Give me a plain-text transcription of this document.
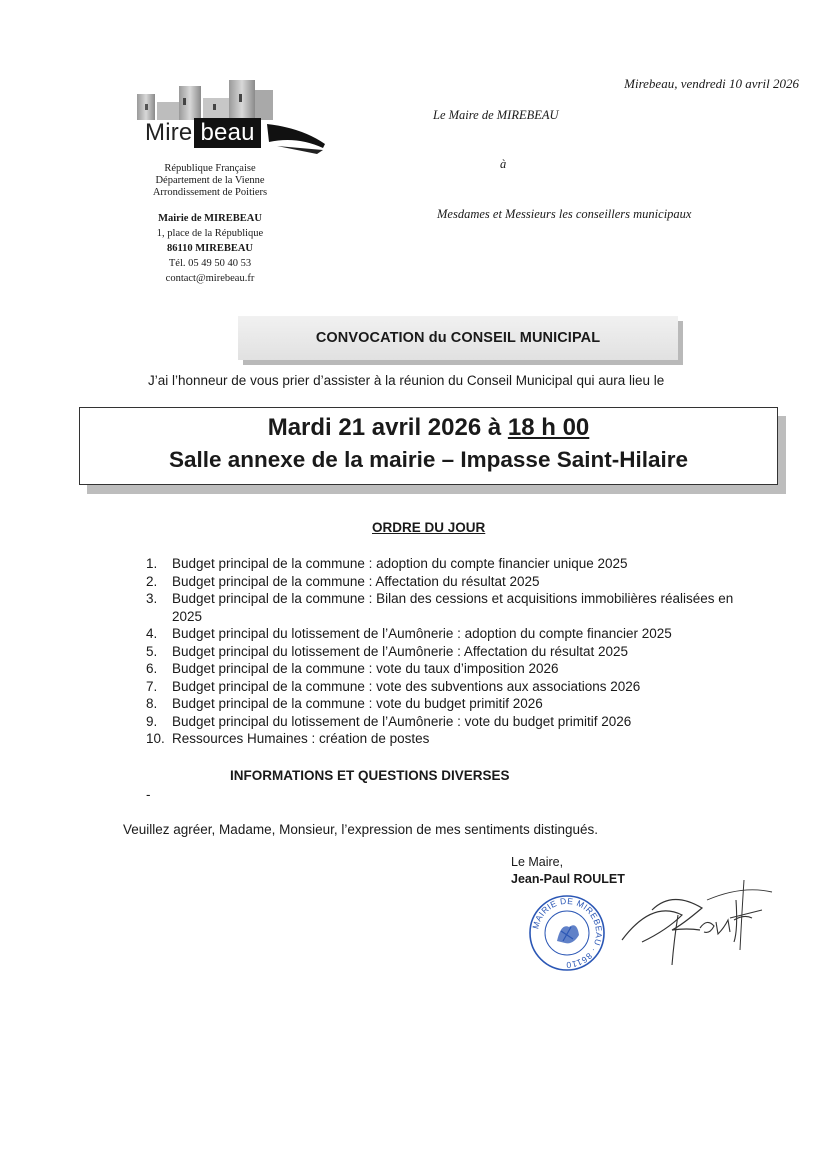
Mirebeau, vendredi 10 avril 2026
Le Maire de MIREBEAU
à
Mesdames et Messieurs les conseillers municipaux
Mire beau
République Française
Département de la Vienne
Arrondissement de Poitiers
Mairie de MIREBEAU
1, place de la République
86110 MIREBEAU
Tél. 05 49 50 40 53
contact@mirebeau.fr
CONVOCATION du CONSEIL MUNICIPAL
J’ai l’honneur de vous prier d’assister à la réunion du Conseil Municipal qui aura lieu le
Mardi 21 avril 2026 à 18 h 00
Salle annexe de la mairie – Impasse Saint-Hilaire
ORDRE DU JOUR
1.	Budget principal de la commune : adoption du compte financier unique 2025
2.	Budget principal de la commune : Affectation du résultat 2025
3.	Budget principal de la commune : Bilan des cessions et acquisitions immobilières réalisées en 2025
4.	Budget principal du lotissement de l’Aumônerie : adoption du compte financier 2025
5.	Budget principal du lotissement de l’Aumônerie : Affectation du résultat 2025
6.	Budget principal de la commune : vote du taux d’imposition 2026
7.	Budget principal de la commune : vote des subventions aux associations 2026
8.	Budget principal de la commune : vote du budget primitif 2026
9.	Budget principal du lotissement de l’Aumônerie : vote du budget primitif 2026
10. Ressources Humaines : création de postes
INFORMATIONS ET QUESTIONS DIVERSES
-
Veuillez agréer, Madame, Monsieur, l’expression de mes sentiments distingués.
Le Maire,
Jean-Paul ROULET
MAIRIE DE MIREBEAU · 86110
